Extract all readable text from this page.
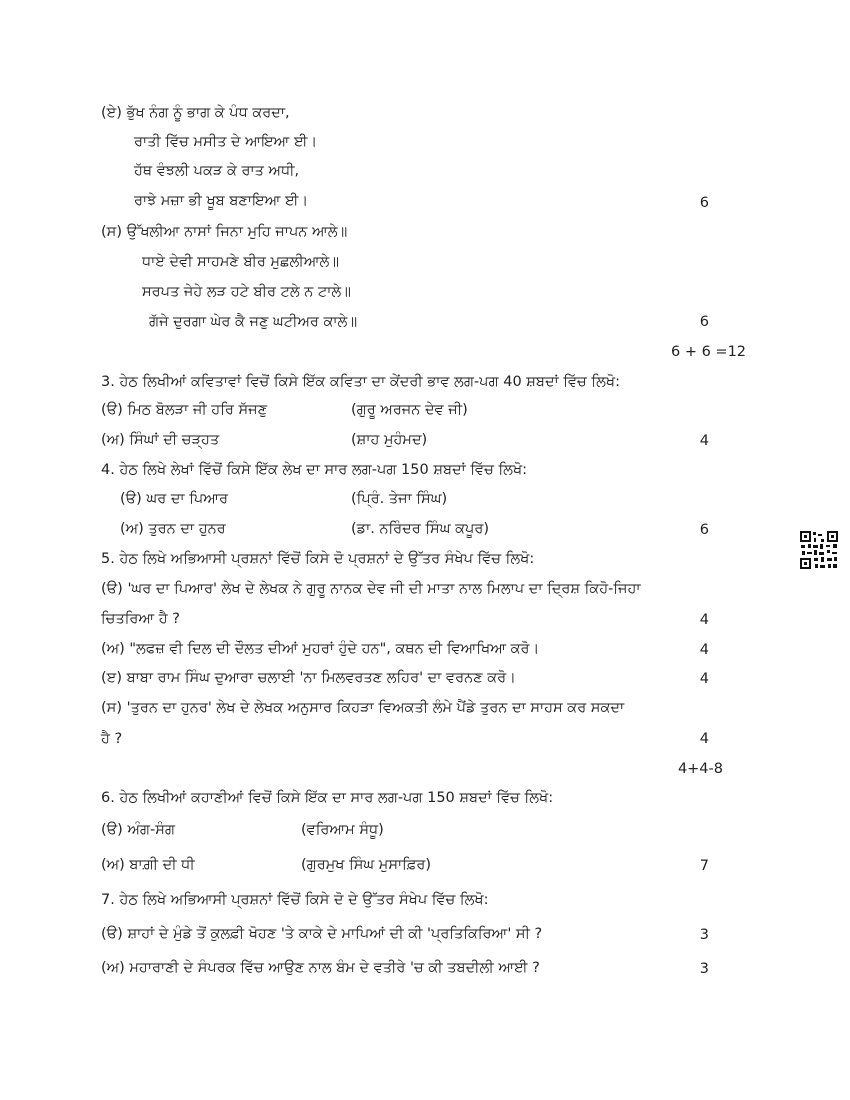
(ਏ) ਭੁੱਖ ਨੰਗ ਨੂੰ ਭਾਗ ਕੇ ਪੰਧ ਕਰਦਾ,
ਰਾਤੀ ਵਿੱਚ ਮਸੀਤ ਦੇ ਆਇਆ ਈ।
ਹੱਥ ਵੰਝਲੀ ਪਕੜ ਕੇ ਰਾਤ ਅਧੀ,
ਰਾਝੇ ਮਜ਼ਾ ਭੀ ਖੂਬ ਬਣਾਇਆ ਈ।	6
(ਸ) ਉੱਖਲੀਆ ਨਾਸਾਂ ਜਿਨਾ ਮੁਹਿ ਜਾਪਨ ਆਲੇ॥
ਧਾਏ ਦੇਵੀ ਸਾਹਮਣੇ ਬੀਰ ਮੁਛਲੀਆਲੇ॥
ਸਰਪਤ ਜੇਹੇ ਲੜ ਹਟੇ ਬੀਰ ਟਲੇ ਨ ਟਾਲੇ॥
ਗੱਜੇ ਦੁਰਗਾ ਘੇਰ ਕੈ ਜਣੁ ਘਟੀਅਰ ਕਾਲੇ॥	6
6 + 6 =12
3. ਹੇਠ ਲਿਖੀਆਂ ਕਵਿਤਾਵਾਂ ਵਿਚੋਂ ਕਿਸੇ ਇੱਕ ਕਵਿਤਾ ਦਾ ਕੇਂਦਰੀ ਭਾਵ ਲਗ-ਪਗ 40 ਸ਼ਬਦਾਂ ਵਿੱਚ ਲਿਖੋ:
(ੳ) ਮਿਠ ਬੋਲੜਾ ਜੀ ਹਰਿ ਸੱਜਣੁ	(ਗੁਰੂ ਅਰਜਨ ਦੇਵ ਜੀ)
(ਅ) ਸਿੰਘਾਂ ਦੀ ਚੜ੍ਹਤ	(ਸ਼ਾਹ ਮੁਹੰਮਦ)	4
4. ਹੇਠ ਲਿਖੇ ਲੇਖਾਂ ਵਿੱਚੋਂ ਕਿਸੇ ਇੱਕ ਲੇਖ ਦਾ ਸਾਰ ਲਗ-ਪਗ 150 ਸ਼ਬਦਾਂ ਵਿੱਚ ਲਿਖੋ:
(ੳ) ਘਰ ਦਾ ਪਿਆਰ	(ਪ੍ਰਿੰ. ਤੇਜਾ ਸਿੰਘ)
(ਅ) ਤੁਰਨ ਦਾ ਹੁਨਰ	(ਡਾ. ਨਰਿੰਦਰ ਸਿੰਘ ਕਪੂਰ)	6
5. ਹੇਠ ਲਿਖੇ ਅਭਿਆਸੀ ਪ੍ਰਸ਼ਨਾਂ ਵਿੱਚੋਂ ਕਿਸੇ ਦੋ ਪ੍ਰਸ਼ਨਾਂ ਦੇ ਉੱਤਰ ਸੰਖੇਪ ਵਿੱਚ ਲਿਖੋ:
(ੳ) 'ਘਰ ਦਾ ਪਿਆਰ' ਲੇਖ ਦੇ ਲੇਖਕ ਨੇ ਗੁਰੂ ਨਾਨਕ ਦੇਵ ਜੀ ਦੀ ਮਾਤਾ ਨਾਲ ਮਿਲਾਪ ਦਾ ਦ੍ਰਿਸ਼ ਕਿਹੋ-ਜਿਹਾ
ਚਿਤਰਿਆ ਹੈ ?	4
(ਅ) "ਲਫਜ਼ ਵੀ ਦਿਲ ਦੀ ਦੌਲਤ ਦੀਆਂ ਮੁਹਰਾਂ ਹੁੰਦੇ ਹਨ", ਕਥਨ ਦੀ ਵਿਆਖਿਆ ਕਰੋ।	4
(ੲ) ਬਾਬਾ ਰਾਮ ਸਿੰਘ ਦੁਆਰਾ ਚਲਾਈ 'ਨਾ ਮਿਲਵਰਤਣ ਲਹਿਰ' ਦਾ ਵਰਨਣ ਕਰੋ।	4
(ਸ) 'ਤੁਰਨ ਦਾ ਹੁਨਰ' ਲੇਖ ਦੇ ਲੇਖਕ ਅਨੁਸਾਰ ਕਿਹੜਾ ਵਿਅਕਤੀ ਲੰਮੇ ਪੈਂਡੇ ਤੁਰਨ ਦਾ ਸਾਹਸ ਕਰ ਸਕਦਾ
ਹੈ ?	4
4+4-8
6. ਹੇਠ ਲਿਖੀਆਂ ਕਹਾਣੀਆਂ ਵਿਚੋਂ ਕਿਸੇ ਇੱਕ ਦਾ ਸਾਰ ਲਗ-ਪਗ 150 ਸ਼ਬਦਾਂ ਵਿੱਚ ਲਿਖੋ:
(ੳ) ਅੰਗ-ਸੰਗ	(ਵਰਿਆਮ ਸੰਧੂ)
(ਅ) ਬਾਗ਼ੀ ਦੀ ਧੀ	(ਗੁਰਮੁਖ ਸਿੰਘ ਮੁਸਾਫ਼ਿਰ)	7
7. ਹੇਠ ਲਿਖੇ ਅਭਿਆਸੀ ਪ੍ਰਸ਼ਨਾਂ ਵਿੱਚੋਂ ਕਿਸੇ ਦੋ ਦੇ ਉੱਤਰ ਸੰਖੇਪ ਵਿੱਚ ਲਿਖੋ:
(ੳ) ਸ਼ਾਹਾਂ ਦੇ ਮੁੰਡੇ ਤੋਂ ਕੁਲਫ਼ੀ ਖੋਹਣ 'ਤੇ ਕਾਕੇ ਦੇ ਮਾਪਿਆਂ ਦੀ ਕੀ 'ਪ੍ਰਤਿਕਿਰਿਆ' ਸੀ ?	3
(ਅ) ਮਹਾਰਾਣੀ ਦੇ ਸੰਪਰਕ ਵਿੱਚ ਆਉਣ ਨਾਲ ਬੰਮ ਦੇ ਵਤੀਰੇ 'ਚ ਕੀ ਤਬਦੀਲੀ ਆਈ ?	3
